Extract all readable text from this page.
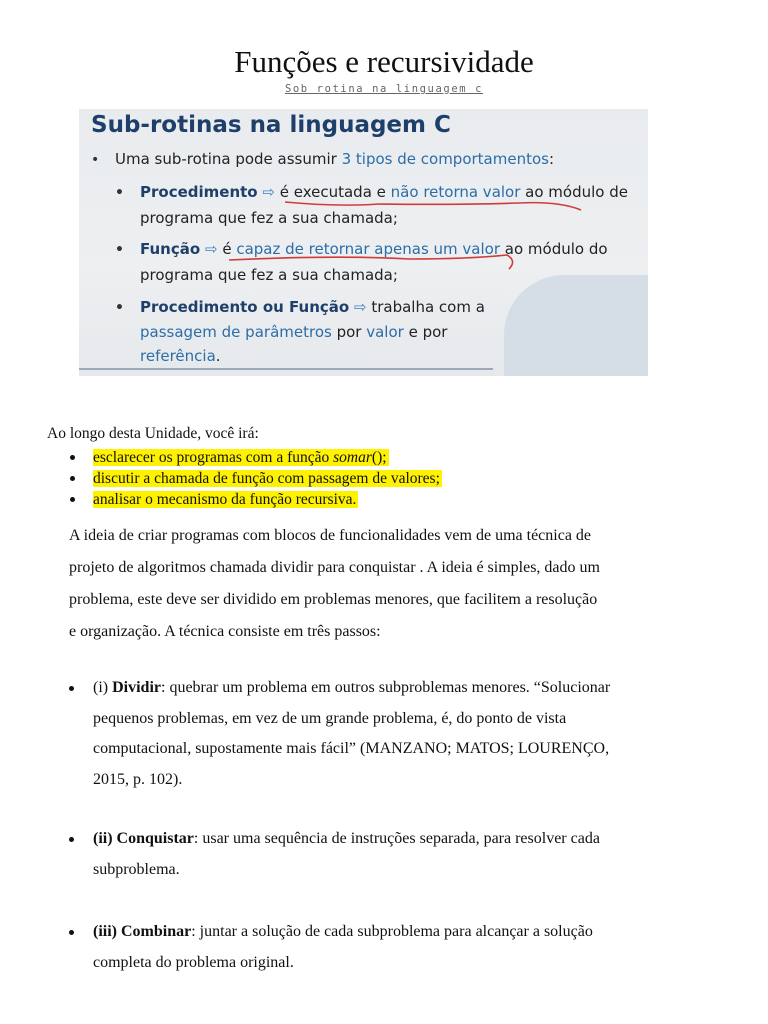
Funções e recursividade
Sob rotina na linguagem c
Sub-rotinas na linguagem C
• Uma sub-rotina pode assumir 3 tipos de comportamentos:
• Procedimento ⇨ é executada e não retorna valor ao módulo de
programa que fez a sua chamada;
• Função ⇨ é capaz de retornar apenas um valor ao módulo do
programa que fez a sua chamada;
• Procedimento ou Função ⇨ trabalha com a
passagem de parâmetros por valor e por
referência.
Ao longo desta Unidade, você irá:
esclarecer os programas com a função somar();
discutir a chamada de função com passagem de valores;
analisar o mecanismo da função recursiva.
A ideia de criar programas com blocos de funcionalidades vem de uma técnica de
projeto de algoritmos chamada dividir para conquistar . A ideia é simples, dado um
problema, este deve ser dividido em problemas menores, que facilitem a resolução
e organização. A técnica consiste em três passos:
(i) Dividir: quebrar um problema em outros subproblemas menores. “Solucionar
pequenos problemas, em vez de um grande problema, é, do ponto de vista
computacional, supostamente mais fácil” (MANZANO; MATOS; LOURENÇO,
2015, p. 102).
(ii) Conquistar: usar uma sequência de instruções separada, para resolver cada
subproblema.
(iii) Combinar: juntar a solução de cada subproblema para alcançar a solução
completa do problema original.
